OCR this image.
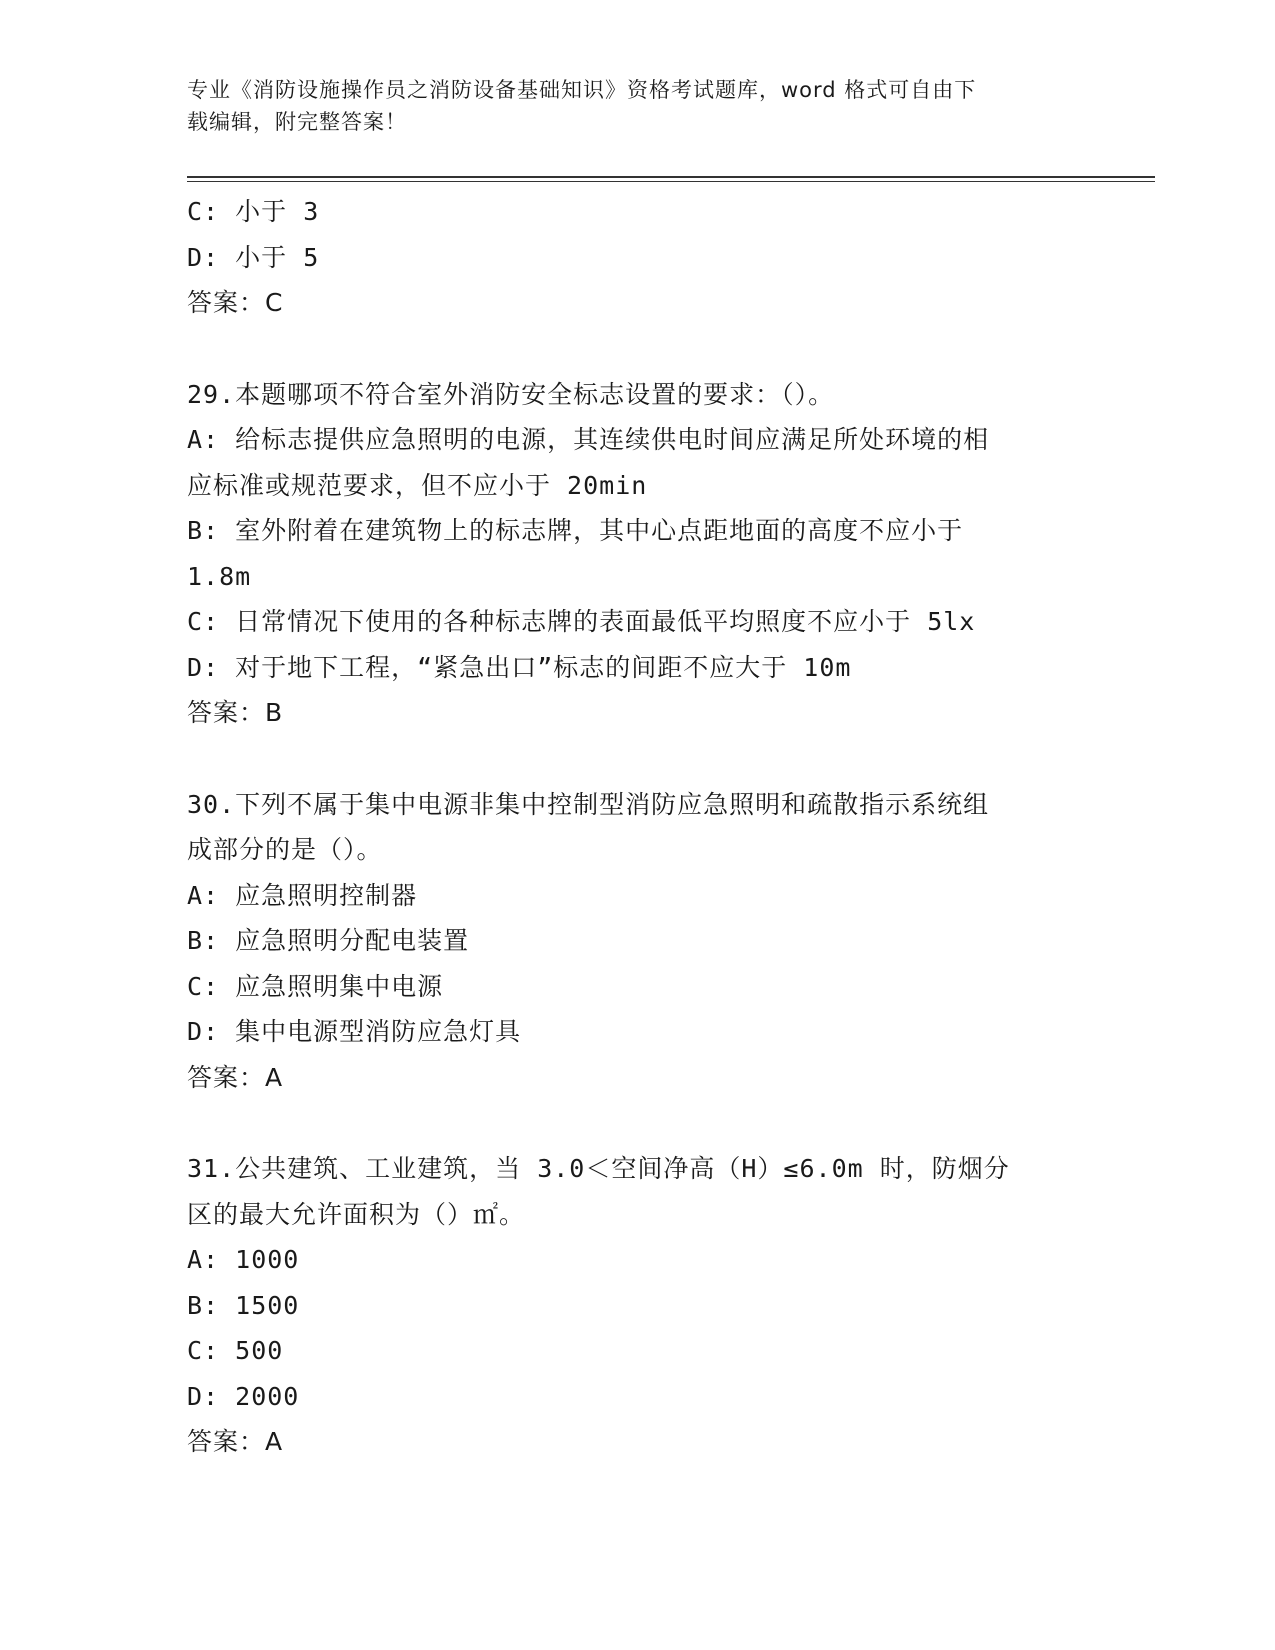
专业《消防设施操作员之消防设备基础知识》资格考试题库，word 格式可自由下
载编辑，附完整答案！
C: 小于 3
D: 小于 5
答案：C
29.本题哪项不符合室外消防安全标志设置的要求：（）。
A: 给标志提供应急照明的电源，其连续供电时间应满足所处环境的相
应标准或规范要求，但不应小于 20min
B: 室外附着在建筑物上的标志牌，其中心点距地面的高度不应小于
1.8m
C: 日常情况下使用的各种标志牌的表面最低平均照度不应小于 5lx
D: 对于地下工程，“紧急出口”标志的间距不应大于 10m
答案：B
30.下列不属于集中电源非集中控制型消防应急照明和疏散指示系统组
成部分的是（）。
A: 应急照明控制器
B: 应急照明分配电装置
C: 应急照明集中电源
D: 集中电源型消防应急灯具
答案：A
31.公共建筑、工业建筑，当 3.0＜空间净高（H）≤6.0m 时，防烟分
区的最大允许面积为（）㎡。
A: 1000
B: 1500
C: 500
D: 2000
答案：A
